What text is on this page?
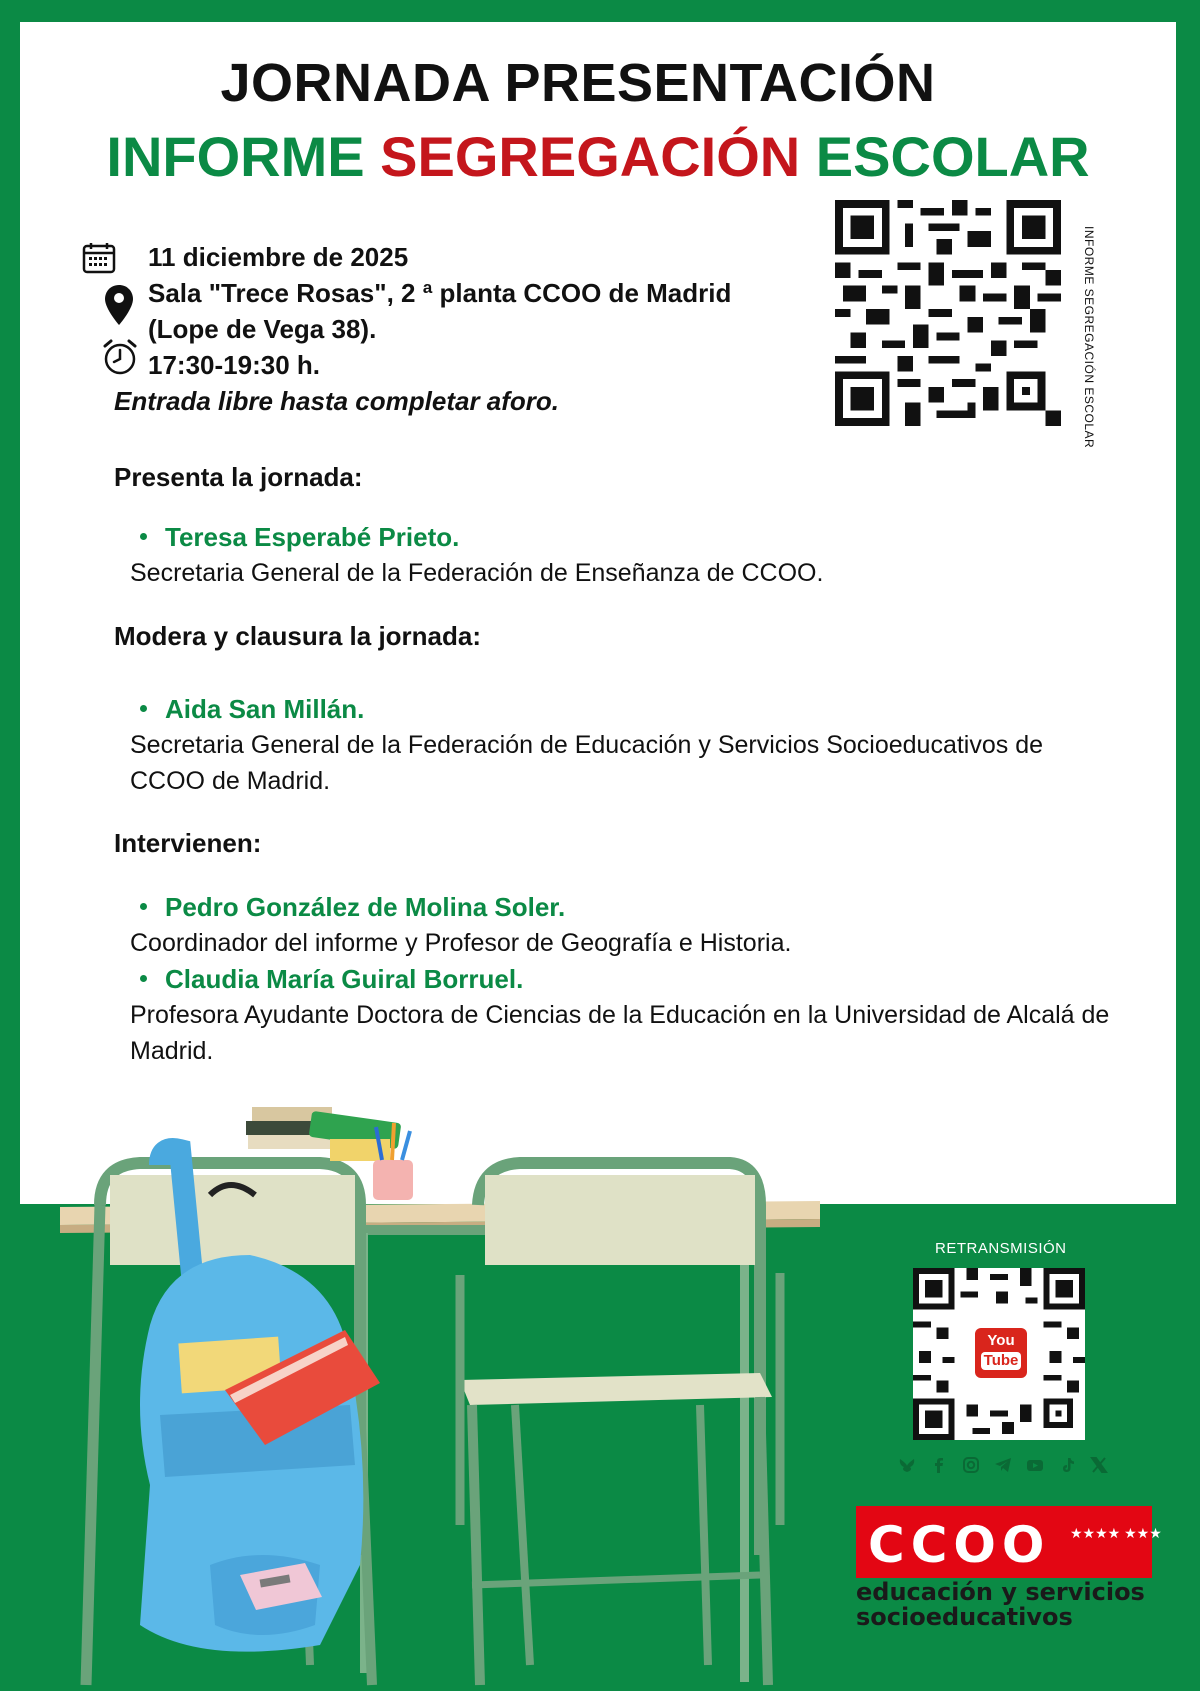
JORNADA PRESENTACIÓN
INFORME SEGREGACIÓN ESCOLAR
11 diciembre de 2025
Sala "Trece Rosas", 2 ª planta CCOO de Madrid
(Lope de Vega 38).
17:30-19:30 h.
Entrada libre hasta completar aforo.	INFORME SEGREGACIÓN ESCOLAR
Presenta la jornada:
Teresa Esperabé Prieto.
Secretaria General de la Federación de Enseñanza de CCOO.
Modera y clausura la jornada:
Aida San Millán.
Secretaria General de la Federación de Educación y Servicios Socioeducativos de CCOO de Madrid.
Intervienen:
Pedro González de Molina Soler.
Coordinador del informe y Profesor de Geografía e Historia.
Claudia María Guiral Borruel.
Profesora Ayudante Doctora de Ciencias de la Educación en la Universidad de Alcalá de Madrid.
RETRANSMISIÓN
You
Tube
CCOO ★★★★ ★★★
educación y servicios
socioeducativos
